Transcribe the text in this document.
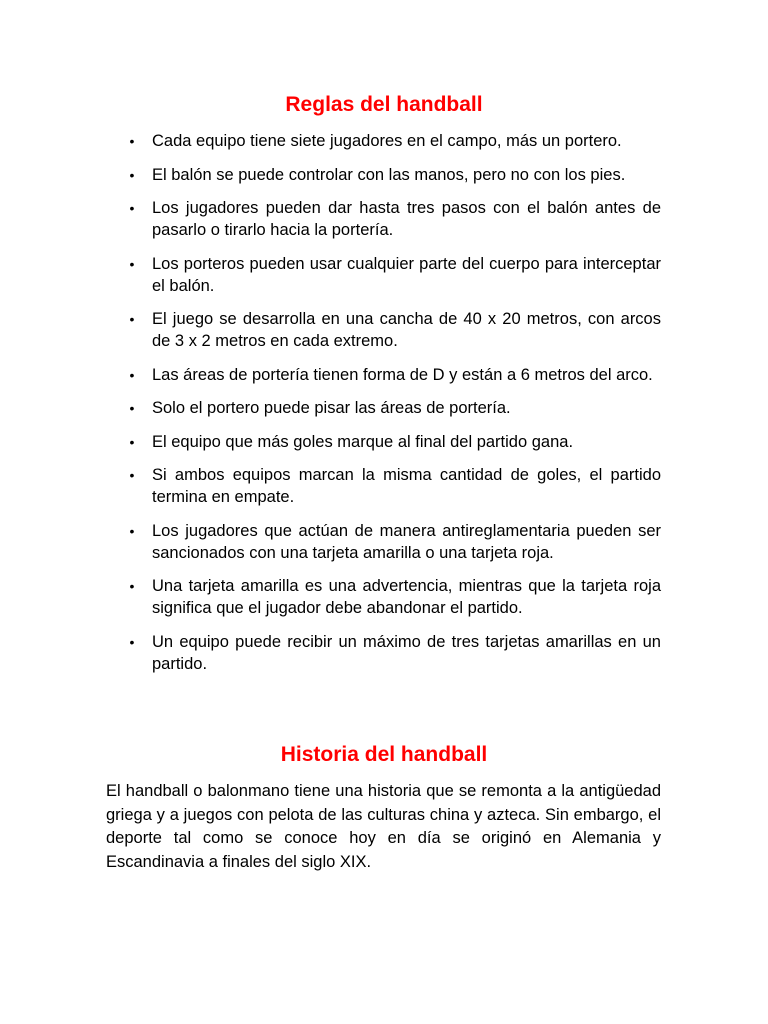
Reglas del handball
• Cada equipo tiene siete jugadores en el campo, más un portero.
• El balón se puede controlar con las manos, pero no con los pies.
• Los jugadores pueden dar hasta tres pasos con el balón antes de pasarlo o tirarlo hacia la portería.
• Los porteros pueden usar cualquier parte del cuerpo para interceptar el balón.
• El juego se desarrolla en una cancha de 40 x 20 metros, con arcos de 3 x 2 metros en cada extremo.
• Las áreas de portería tienen forma de D y están a 6 metros del arco.
• Solo el portero puede pisar las áreas de portería.
• El equipo que más goles marque al final del partido gana.
• Si ambos equipos marcan la misma cantidad de goles, el partido termina en empate.
• Los jugadores que actúan de manera antireglamentaria pueden ser sancionados con una tarjeta amarilla o una tarjeta roja.
• Una tarjeta amarilla es una advertencia, mientras que la tarjeta roja significa que el jugador debe abandonar el partido.
• Un equipo puede recibir un máximo de tres tarjetas amarillas en un partido.
Historia del handball

El handball o balonmano tiene una historia que se remonta a la antigüedad griega y a juegos con pelota de las culturas china y azteca. Sin embargo, el deporte tal como se conoce hoy en día se originó en Alemania y Escandinavia a finales del siglo XIX.
